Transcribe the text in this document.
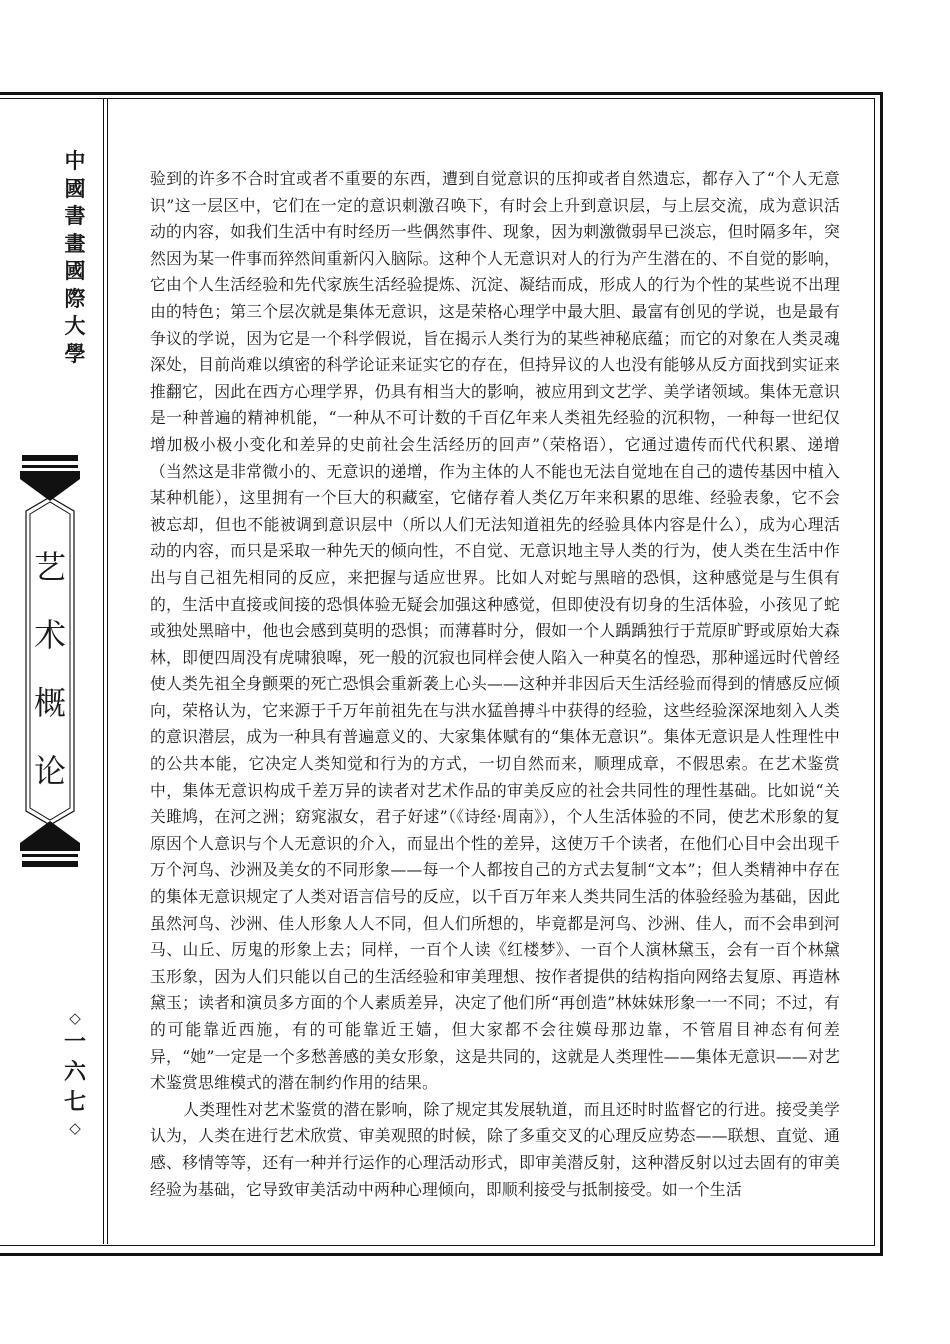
中
國
書
畫
國
際
大
學
艺
术
概
论
◇
一
六
七
◇

验到的许多不合时宜或者不重要的东西，遭到自觉意识的压抑或者自然遗忘，都存入了“个人无意识”这一层区中，它们在一定的意识刺激召唤下，有时会上升到意识层，与上层交流，成为意识活动的内容，如我们生活中有时经历一些偶然事件、现象，因为刺激微弱早已淡忘，但时隔多年，突然因为某一件事而猝然间重新闪入脑际。这种个人无意识对人的行为产生潜在的、不自觉的影响，它由个人生活经验和先代家族生活经验提炼、沉淀、凝结而成，形成人的行为个性的某些说不出理由的特色；第三个层次就是集体无意识，这是荣格心理学中最大胆、最富有创见的学说，也是最有争议的学说，因为它是一个科学假说，旨在揭示人类行为的某些神秘底蕴；而它的对象在人类灵魂深处，目前尚难以缜密的科学论证来证实它的存在，但持异议的人也没有能够从反方面找到实证来推翻它，因此在西方心理学界，仍具有相当大的影响，被应用到文艺学、美学诸领域。集体无意识是一种普遍的精神机能，“一种从不可计数的千百亿年来人类祖先经验的沉积物，一种每一世纪仅增加极小极小变化和差异的史前社会生活经历的回声”（荣格语），它通过遗传而代代积累、递增（当然这是非常微小的、无意识的递增，作为主体的人不能也无法自觉地在自己的遗传基因中植入某种机能），这里拥有一个巨大的积藏室，它储存着人类亿万年来积累的思维、经验表象，它不会被忘却，但也不能被调到意识层中（所以人们无法知道祖先的经验具体内容是什么），成为心理活动的内容，而只是采取一种先天的倾向性，不自觉、无意识地主导人类的行为，使人类在生活中作出与自己祖先相同的反应，来把握与适应世界。比如人对蛇与黑暗的恐惧，这种感觉是与生俱有的，生活中直接或间接的恐惧体验无疑会加强这种感觉，但即使没有切身的生活体验，小孩见了蛇或独处黑暗中，他也会感到莫明的恐惧；而薄暮时分，假如一个人踽踽独行于荒原旷野或原始大森林，即便四周没有虎啸狼嗥，死一般的沉寂也同样会使人陷入一种莫名的惶恐，那种遥远时代曾经使人类先祖全身颤栗的死亡恐惧会重新袭上心头——这种并非因后天生活经验而得到的情感反应倾向，荣格认为，它来源于千万年前祖先在与洪水猛兽搏斗中获得的经验，这些经验深深地刻入人类的意识潜层，成为一种具有普遍意义的、大家集体赋有的“集体无意识”。集体无意识是人性理性中的公共本能，它决定人类知觉和行为的方式，一切自然而来，顺理成章，不假思索。在艺术鉴赏中，集体无意识构成千差万异的读者对艺术作品的审美反应的社会共同性的理性基础。比如说“关关雎鸠，在河之洲；窈窕淑女，君子好逑”（《诗经·周南》），个人生活体验的不同，使艺术形象的复原因个人意识与个人无意识的介入，而显出个性的差异，这使万千个读者，在他们心目中会出现千万个河鸟、沙洲及美女的不同形象——每一个人都按自己的方式去复制“文本”；但人类精神中存在的集体无意识规定了人类对语言信号的反应，以千百万年来人类共同生活的体验经验为基础，因此虽然河鸟、沙洲、佳人形象人人不同，但人们所想的，毕竟都是河鸟、沙洲、佳人，而不会串到河马、山丘、厉鬼的形象上去；同样，一百个人读《红楼梦》、一百个人演林黛玉，会有一百个林黛玉形象，因为人们只能以自己的生活经验和审美理想、按作者提供的结构指向网络去复原、再造林黛玉；读者和演员多方面的个人素质差异，决定了他们所“再创造”林妹妹形象一一不同；不过，有的可能靠近西施，有的可能靠近王嫱，但大家都不会往嫫母那边靠，不管眉目神态有何差异，“她”一定是一个多愁善感的美女形象，这是共同的，这就是人类理性——集体无意识——对艺术鉴赏思维模式的潜在制约作用的结果。

人类理性对艺术鉴赏的潜在影响，除了规定其发展轨道，而且还时时监督它的行进。接受美学认为，人类在进行艺术欣赏、审美观照的时候，除了多重交叉的心理反应势态——联想、直觉、通感、移情等等，还有一种并行运作的心理活动形式，即审美潜反射，这种潜反射以过去固有的审美经验为基础，它导致审美活动中两种心理倾向，即顺利接受与抵制接受。如一个生活
